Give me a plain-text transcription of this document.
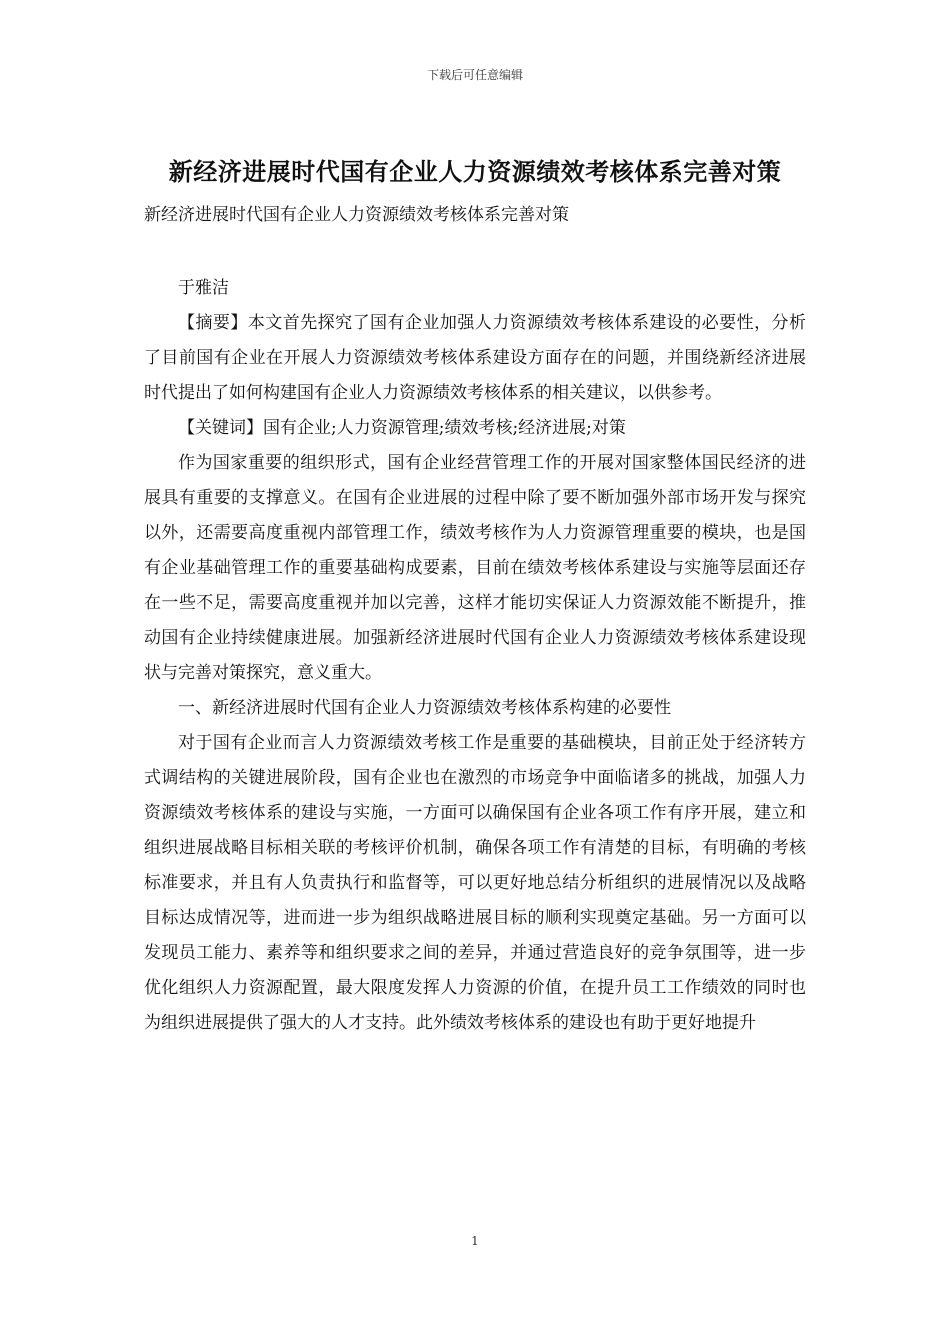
下载后可任意编辑
新经济进展时代国有企业人力资源绩效考核体系完善对策

新经济进展时代国有企业人力资源绩效考核体系完善对策

于雅洁

【摘要】本文首先探究了国有企业加强人力资源绩效考核体系建设的必要性，分析了目前国有企业在开展人力资源绩效考核体系建设方面存在的问题，并围绕新经济进展时代提出了如何构建国有企业人力资源绩效考核体系的相关建议，以供参考。

【关键词】国有企业;人力资源管理;绩效考核;经济进展;对策

作为国家重要的组织形式，国有企业经营管理工作的开展对国家整体国民经济的进展具有重要的支撑意义。在国有企业进展的过程中除了要不断加强外部市场开发与探究以外，还需要高度重视内部管理工作，绩效考核作为人力资源管理重要的模块，也是国有企业基础管理工作的重要基础构成要素，目前在绩效考核体系建设与实施等层面还存在一些不足，需要高度重视并加以完善，这样才能切实保证人力资源效能不断提升，推动国有企业持续健康进展。加强新经济进展时代国有企业人力资源绩效考核体系建设现状与完善对策探究，意义重大。

一、新经济进展时代国有企业人力资源绩效考核体系构建的必要性

对于国有企业而言人力资源绩效考核工作是重要的基础模块，目前正处于经济转方式调结构的关键进展阶段，国有企业也在激烈的市场竞争中面临诸多的挑战，加强人力资源绩效考核体系的建设与实施，一方面可以确保国有企业各项工作有序开展，建立和组织进展战略目标相关联的考核评价机制，确保各项工作有清楚的目标，有明确的考核标准要求，并且有人负责执行和监督等，可以更好地总结分析组织的进展情况以及战略目标达成情况等，进而进一步为组织战略进展目标的顺利实现奠定基础。另一方面可以发现员工能力、素养等和组织要求之间的差异，并通过营造良好的竞争氛围等，进一步优化组织人力资源配置，最大限度发挥人力资源的价值，在提升员工工作绩效的同时也为组织进展提供了强大的人才支持。此外绩效考核体系的建设也有助于更好地提升

1
